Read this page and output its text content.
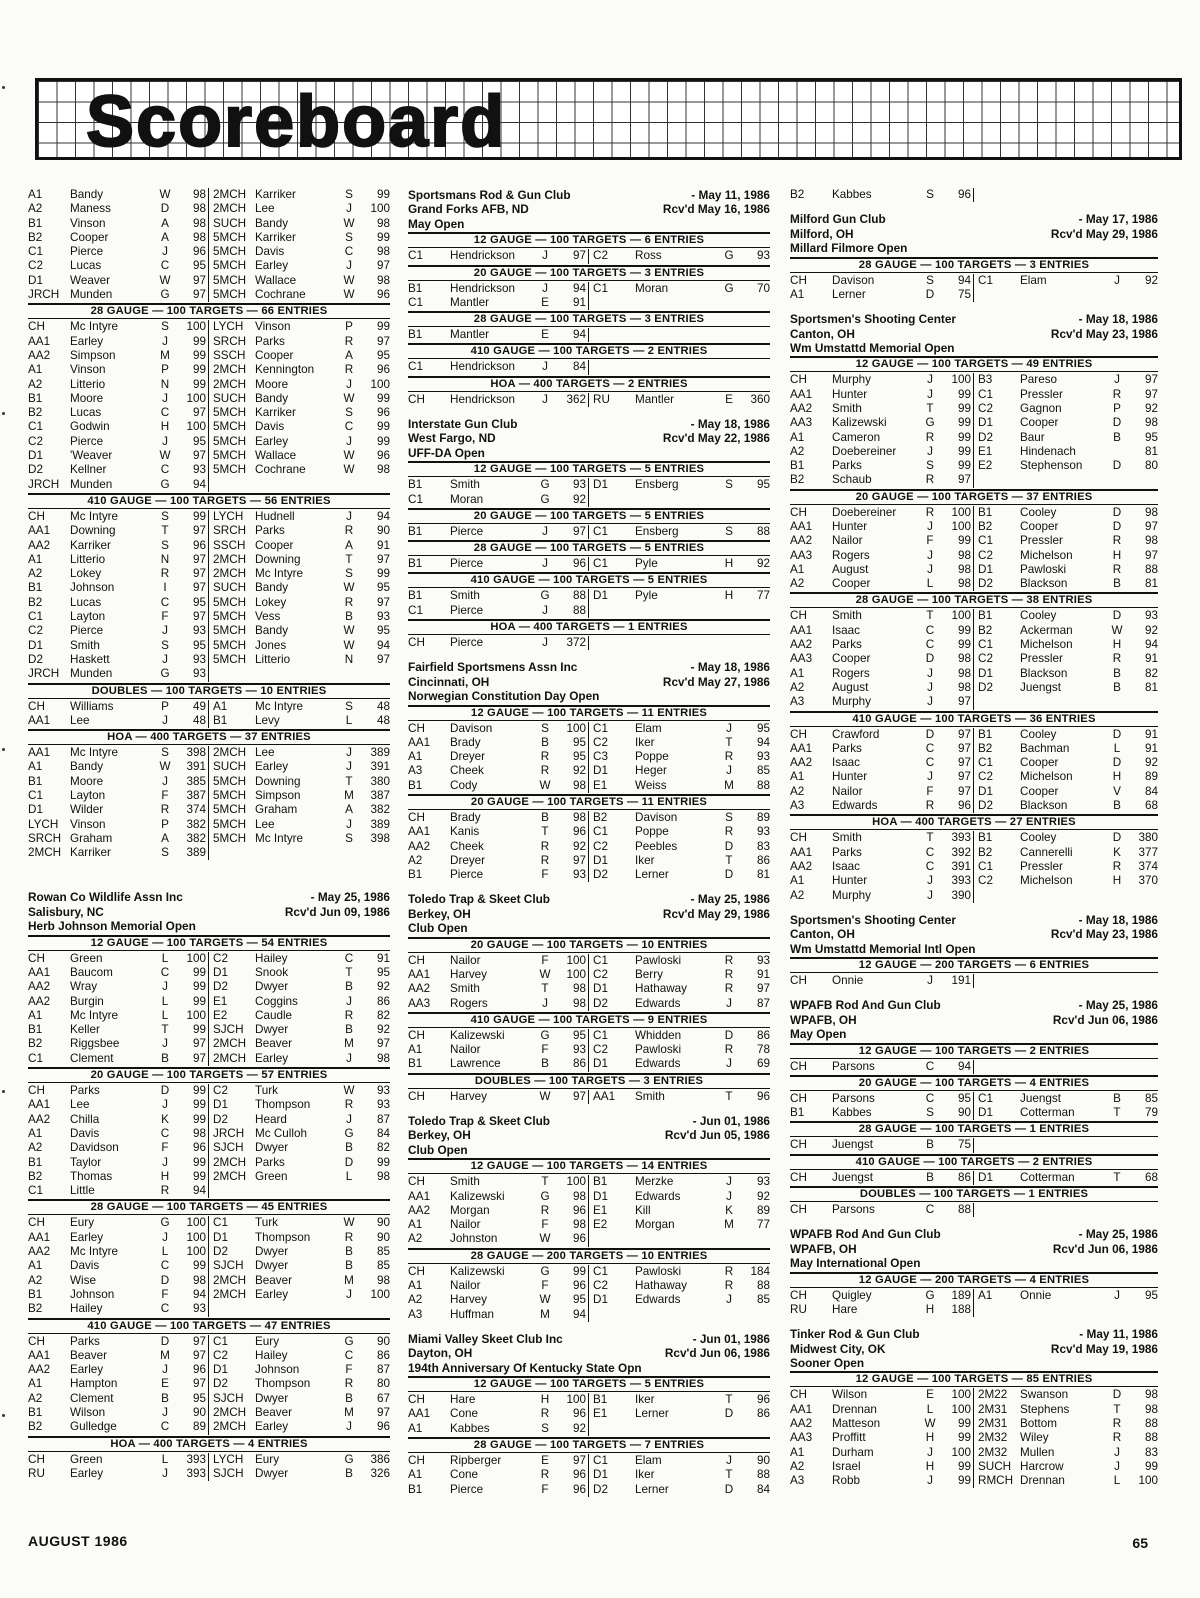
Scoreboard
A1	Bandy	W	98 2MCH Karriker	S	99
A2	Maness	D	98 2MCH Lee	J	100
B1	Vinson	A	98 SUCH Bandy	W	98
B2	Cooper	A	98 5MCH Karriker	S	99
C1	Pierce	J	96 5MCH Davis	C	98
C2	Lucas	C	95 5MCH Earley	J	97
D1	Weaver	W	97 5MCH Wallace	W	98
JRCH Munden	G	97 5MCH Cochrane	W	96
28 GAUGE — 100 TARGETS — 66 ENTRIES
CH	Mc Intyre	S	100 LYCH Vinson	P	99
AA1	Earley	J	99 SRCH Parks	R	97
AA2	Simpson	M	99 SSCH Cooper	A	95
A1	Vinson	P	99 2MCH Kennington	R	96
A2	Litterio	N	99 2MCH Moore	J	100
B1	Moore	J	100 SUCH Bandy	W	99
B2	Lucas	C	97 5MCH Karriker	S	96
C1	Godwin	H	100 5MCH Davis	C	99
C2	Pierce	J	95 5MCH Earley	J	99
D1	'Weaver	W	97 5MCH Wallace	W	96
D2	Kellner	C	93 5MCH Cochrane	W	98
JRCH Munden	G	94
410 GAUGE — 100 TARGETS — 56 ENTRIES
CH	Mc Intyre	S	99 LYCH Hudnell	J	94
AA1	Downing	T	97 SRCH Parks	R	90
AA2	Karriker	S	96 SSCH Cooper	A	91
A1	Litterio	N	97 2MCH Downing	T	97
A2	Lokey	R	97 2MCH Mc Intyre	S	99
B1	Johnson	I	97 SUCH Bandy	W	95
B2	Lucas	C	95 5MCH Lokey	R	97
C1	Layton	F	97 5MCH Vess	B	93
C2	Pierce	J	93 5MCH Bandy	W	95
D1	Smith	S	95 5MCH Jones	W	94
D2	Haskett	J	93 5MCH Litterio	N	97
JRCH Munden	G	93
DOUBLES — 100 TARGETS — 10 ENTRIES
CH	Williams	P	49 A1	Mc Intyre	S	48
AA1	Lee	J	48 B1	Levy	L	48
HOA — 400 TARGETS — 37 ENTRIES
AA1	Mc Intyre	S	398 2MCH Lee	J	389
A1	Bandy	W	391 SUCH Earley	J	391
B1	Moore	J	385 5MCH Downing	T	380
C1	Layton	F	387 5MCH Simpson	M	387
D1	Wilder	R	374 5MCH Graham	A	382
LYCH Vinson	P	382 5MCH Lee	J	389
SRCH Graham	A	382 5MCH Mc Intyre	S	398
2MCH Karriker	S	389
Rowan Co Wildlife Assn Inc	- May 25, 1986
Salisbury, NC	Rcv'd Jun 09, 1986
Herb Johnson Memorial Open
12 GAUGE — 100 TARGETS — 54 ENTRIES
CH	Green	L	100 C2	Hailey	C	91
AA1	Baucom	C	99 D1	Snook	T	95
AA2	Wray	J	99 D2	Dwyer	B	92
AA2	Burgin	L	99 E1	Coggins	J	86
A1	Mc Intyre	L	100 E2	Caudle	R	82
B1	Keller	T	99 SJCH Dwyer	B	92
B2	Riggsbee	J	97 2MCH Beaver	M	97
C1	Clement	B	97 2MCH Earley	J	98
20 GAUGE — 100 TARGETS — 57 ENTRIES
CH	Parks	D	99 C2	Turk	W	93
AA1	Lee	J	99 D1	Thompson	R	93
AA2	Chilla	K	99 D2	Heard	J	87
A1	Davis	C	98 JRCH Mc Culloh	G	84
A2	Davidson	F	96 SJCH Dwyer	B	82
B1	Taylor	J	99 2MCH Parks	D	99
B2	Thomas	H	99 2MCH Green	L	98
C1	Little	R	94
28 GAUGE — 100 TARGETS — 45 ENTRIES
CH	Eury	G	100 C1	Turk	W	90
AA1	Earley	J	100 D1	Thompson	R	90
AA2	Mc Intyre	L	100 D2	Dwyer	B	85
A1	Davis	C	99 SJCH Dwyer	B	85
A2	Wise	D	98 2MCH Beaver	M	98
B1	Johnson	F	94 2MCH Earley	J	100
B2	Hailey	C	93
410 GAUGE — 100 TARGETS — 47 ENTRIES
CH	Parks	D	97 C1	Eury	G	90
AA1	Beaver	M	97 C2	Hailey	C	86
AA2	Earley	J	96 D1	Johnson	F	87
A1	Hampton	E	97 D2	Thompson	R	80
A2	Clement	B	95 SJCH Dwyer	B	67
B1	Wilson	J	90 2MCH Beaver	M	97
B2	Gulledge	C	89 2MCH Earley	J	96
HOA — 400 TARGETS — 4 ENTRIES
CH	Green	L	393 LYCH Eury	G	386
RU	Earley	J	393 SJCH Dwyer	B	326
Sportsmans Rod & Gun Club	- May 11, 1986
Grand Forks AFB, ND	Rcv'd May 16, 1986
May Open
12 GAUGE — 100 TARGETS — 6 ENTRIES
C1	Hendrickson	J	97 C2	Ross	G	93
20 GAUGE — 100 TARGETS — 3 ENTRIES
B1	Hendrickson	J	94 C1	Moran	G	70
C1	Mantler	E	91
28 GAUGE — 100 TARGETS — 3 ENTRIES
B1	Mantler	E	94
410 GAUGE — 100 TARGETS — 2 ENTRIES
C1	Hendrickson	J	84
HOA — 400 TARGETS — 2 ENTRIES
CH	Hendrickson	J	362 RU	Mantler	E	360
Interstate Gun Club	- May 18, 1986
West Fargo, ND	Rcv'd May 22, 1986
UFF-DA Open
12 GAUGE — 100 TARGETS — 5 ENTRIES
B1	Smith	G	93 D1	Ensberg	S	95
C1	Moran	G	92
20 GAUGE — 100 TARGETS — 5 ENTRIES
B1	Pierce	J	97 C1	Ensberg	S	88
28 GAUGE — 100 TARGETS — 5 ENTRIES
B1	Pierce	J	96 C1	Pyle	H	92
410 GAUGE — 100 TARGETS — 5 ENTRIES
B1	Smith	G	88 D1	Pyle	H	77
C1	Pierce	J	88
HOA — 400 TARGETS — 1 ENTRIES
CH	Pierce	J	372
Fairfield Sportsmens Assn Inc	- May 18, 1986
Cincinnati, OH	Rcv'd May 27, 1986
Norwegian Constitution Day Open
12 GAUGE — 100 TARGETS — 11 ENTRIES
CH	Davison	S	100 C1	Elam	J	95
AA1	Brady	B	95 C2	Iker	T	94
A1	Dreyer	R	95 C3	Poppe	R	93
A3	Cheek	R	92 D1	Heger	J	85
B1	Cody	W	98 E1	Weiss	M	88
20 GAUGE — 100 TARGETS — 11 ENTRIES
CH	Brady	B	98 B2	Davison	S	89
AA1	Kanis	T	96 C1	Poppe	R	93
AA2	Cheek	R	92 C2	Peebles	D	83
A2	Dreyer	R	97 D1	Iker	T	86
B1	Pierce	F	93 D2	Lerner	D	81
Toledo Trap & Skeet Club	- May 25, 1986
Berkey, OH	Rcv'd May 29, 1986
Club Open
20 GAUGE — 100 TARGETS — 10 ENTRIES
CH	Nailor	F	100 C1	Pawloski	R	93
AA1	Harvey	W	100 C2	Berry	R	91
AA2	Smith	T	98 D1	Hathaway	R	97
AA3	Rogers	J	98 D2	Edwards	J	87
410 GAUGE — 100 TARGETS — 9 ENTRIES
CH	Kalizewski	G	95 C1	Whidden	D	86
A1	Nailor	F	93 C2	Pawloski	R	78
B1	Lawrence	B	86 D1	Edwards	J	69
DOUBLES — 100 TARGETS — 3 ENTRIES
CH	Harvey	W	97 AA1	Smith	T	96
Toledo Trap & Skeet Club	- Jun 01, 1986
Berkey, OH	Rcv'd Jun 05, 1986
Club Open
12 GAUGE — 100 TARGETS — 14 ENTRIES
CH	Smith	T	100 B1	Merzke	J	93
AA1	Kalizewski	G	98 D1	Edwards	J	92
AA2	Morgan	R	96 E1	Kill	K	89
A1	Nailor	F	98 E2	Morgan	M	77
A2	Johnston	W	96
28 GAUGE — 200 TARGETS — 10 ENTRIES
CH	Kalizewski	G	99 C1	Pawloski	R	184
A1	Nailor	F	96 C2	Hathaway	R	88
A2	Harvey	W	95 D1	Edwards	J	85
A3	Huffman	M	94
Miami Valley Skeet Club Inc	- Jun 01, 1986
Dayton, OH	Rcv'd Jun 06, 1986
194th Anniversary Of Kentucky State Opn
12 GAUGE — 100 TARGETS — 5 ENTRIES
CH	Hare	H	100 B1	Iker	T	96
AA1	Cone	R	96 E1	Lerner	D	86
A1	Kabbes	S	92
28 GAUGE — 100 TARGETS — 7 ENTRIES
CH	Ripberger	E	97 C1	Elam	J	90
A1	Cone	R	96 D1	Iker	T	88
B1	Pierce	F	96 D2	Lerner	D	84
B2	Kabbes	S	96
Milford Gun Club	- May 17, 1986
Milford, OH	Rcv'd May 29, 1986
Millard Filmore Open
28 GAUGE — 100 TARGETS — 3 ENTRIES
CH	Davison	S	94 C1	Elam	J	92
A1	Lerner	D	75
Sportsmen's Shooting Center	- May 18, 1986
Canton, OH	Rcv'd May 23, 1986
Wm Umstattd Memorial Open
12 GAUGE — 100 TARGETS — 49 ENTRIES
CH	Murphy	J	100 B3	Pareso	J	97
AA1	Hunter	J	99 C1	Pressler	R	97
AA2	Smith	T	99 C2	Gagnon	P	92
AA3	Kalizewski	G	99 D1	Cooper	D	98
A1	Cameron	R	99 D2	Baur	B	95
A2	Doebereiner	J	99 E1	Hindenach	81
B1	Parks	S	99 E2	Stephenson	D	80
B2	Schaub	R	97
20 GAUGE — 100 TARGETS — 37 ENTRIES
CH	Doebereiner	R	100 B1	Cooley	D	98
AA1	Hunter	J	100 B2	Cooper	D	97
AA2	Nailor	F	99 C1	Pressler	R	98
AA3	Rogers	J	98 C2	Michelson	H	97
A1	August	J	98 D1	Pawloski	R	88
A2	Cooper	L	98 D2	Blackson	B	81
28 GAUGE — 100 TARGETS — 38 ENTRIES
CH	Smith	T	100 B1	Cooley	D	93
AA1	Isaac	C	99 B2	Ackerman	W	92
AA2	Parks	C	99 C1	Michelson	H	94
AA3	Cooper	D	98 C2	Pressler	R	91
A1	Rogers	J	98 D1	Blackson	B	82
A2	August	J	98 D2	Juengst	B	81
A3	Murphy	J	97
410 GAUGE — 100 TARGETS — 36 ENTRIES
CH	Crawford	D	97 B1	Cooley	D	91
AA1	Parks	C	97 B2	Bachman	L	91
AA2	Isaac	C	97 C1	Cooper	D	92
A1	Hunter	J	97 C2	Michelson	H	89
A2	Nailor	F	97 D1	Cooper	V	84
A3	Edwards	R	96 D2	Blackson	B	68
HOA — 400 TARGETS — 27 ENTRIES
CH	Smith	T	393 B1	Cooley	D	380
AA1	Parks	C	392 B2	Cannerelli	K	377
AA2	Isaac	C	391 C1	Pressler	R	374
A1	Hunter	J	393 C2	Michelson	H	370
A2	Murphy	J	390
Sportsmen's Shooting Center	- May 18, 1986
Canton, OH	Rcv'd May 23, 1986
Wm Umstattd Memorial Intl Open
12 GAUGE — 200 TARGETS — 6 ENTRIES
CH	Onnie	J	191
WPAFB Rod And Gun Club	- May 25, 1986
WPAFB, OH	Rcv'd Jun 06, 1986
May Open
12 GAUGE — 100 TARGETS — 2 ENTRIES
CH	Parsons	C	94
20 GAUGE — 100 TARGETS — 4 ENTRIES
CH	Parsons	C	95 C1	Juengst	B	85
B1	Kabbes	S	90 D1	Cotterman	T	79
28 GAUGE — 100 TARGETS — 1 ENTRIES
CH	Juengst	B	75
410 GAUGE — 100 TARGETS — 2 ENTRIES
CH	Juengst	B	86 D1	Cotterman	T	68
DOUBLES — 100 TARGETS — 1 ENTRIES
CH	Parsons	C	88
WPAFB Rod And Gun Club	- May 25, 1986
WPAFB, OH	Rcv'd Jun 06, 1986
May International Open
12 GAUGE — 200 TARGETS — 4 ENTRIES
CH	Quigley	G	189 A1	Onnie	J	95
RU	Hare	H	188
Tinker Rod & Gun Club	- May 11, 1986
Midwest City, OK	Rcv'd May 19, 1986
Sooner Open
12 GAUGE — 100 TARGETS — 85 ENTRIES
CH	Wilson	E	100 2M22	Swanson	D	98
AA1	Drennan	L	100 2M31	Stephens	T	98
AA2	Matteson	W	99 2M31	Bottom	R	88
AA3	Proffitt	H	99 2M32	Wiley	R	88
A1	Durham	J	100 2M32	Mullen	J	83
A2	Israel	H	99 SUCH Harcrow	J	99
A3	Robb	J	99 RMCH Drennan	L	100
AUGUST 1986	65
